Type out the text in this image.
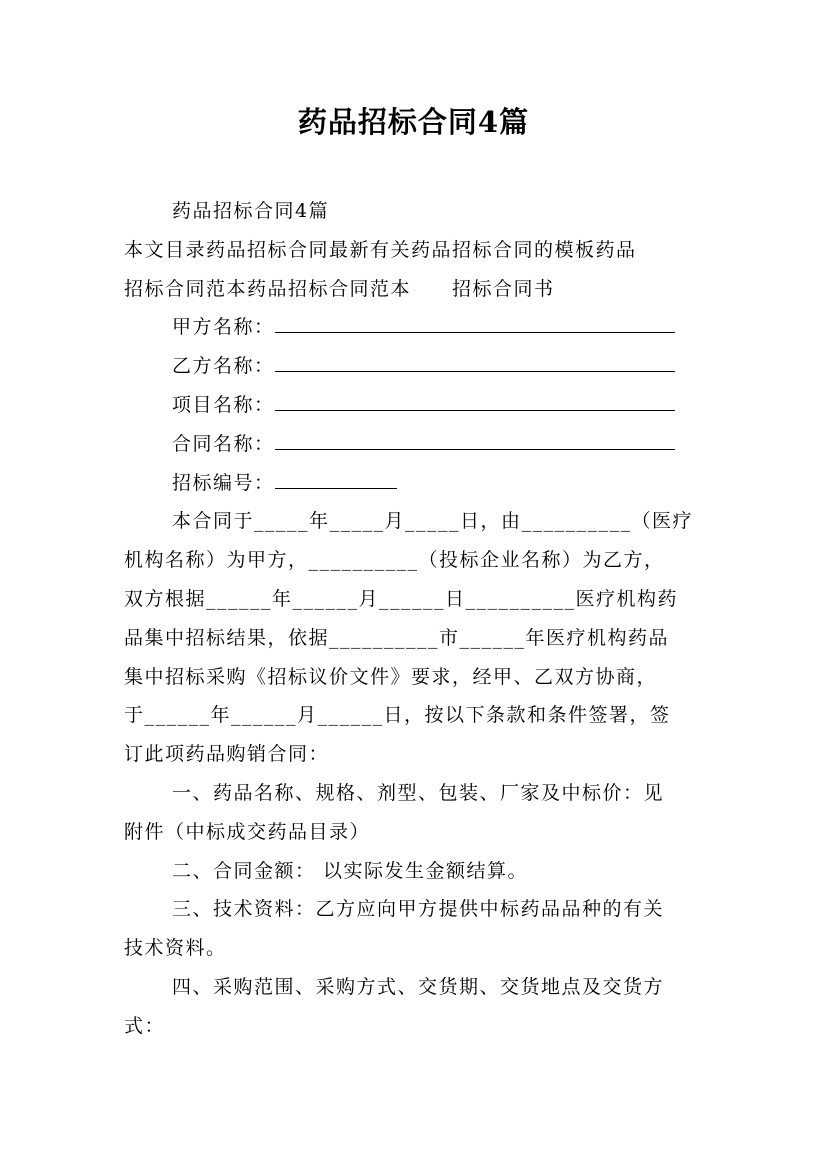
药品招标合同4篇
药品招标合同4篇
本文目录药品招标合同最新有关药品招标合同的模板药品
招标合同范本药品招标合同范本　　招标合同书
甲方名称：
乙方名称：
项目名称：
合同名称：
招标编号：
本合同于_____年_____月_____日，由__________（医疗
机构名称）为甲方，__________（投标企业名称）为乙方，
双方根据______年______月______日__________医疗机构药
品集中招标结果，依据__________市______年医疗机构药品
集中招标采购《招标议价文件》要求，经甲、乙双方协商，
于______年______月______日，按以下条款和条件签署，签
订此项药品购销合同：
一、药品名称、规格、剂型、包装、厂家及中标价：见
附件（中标成交药品目录）
二、合同金额： 以实际发生金额结算。
三、技术资料：乙方应向甲方提供中标药品品种的有关
技术资料。
四、采购范围、采购方式、交货期、交货地点及交货方
式：
